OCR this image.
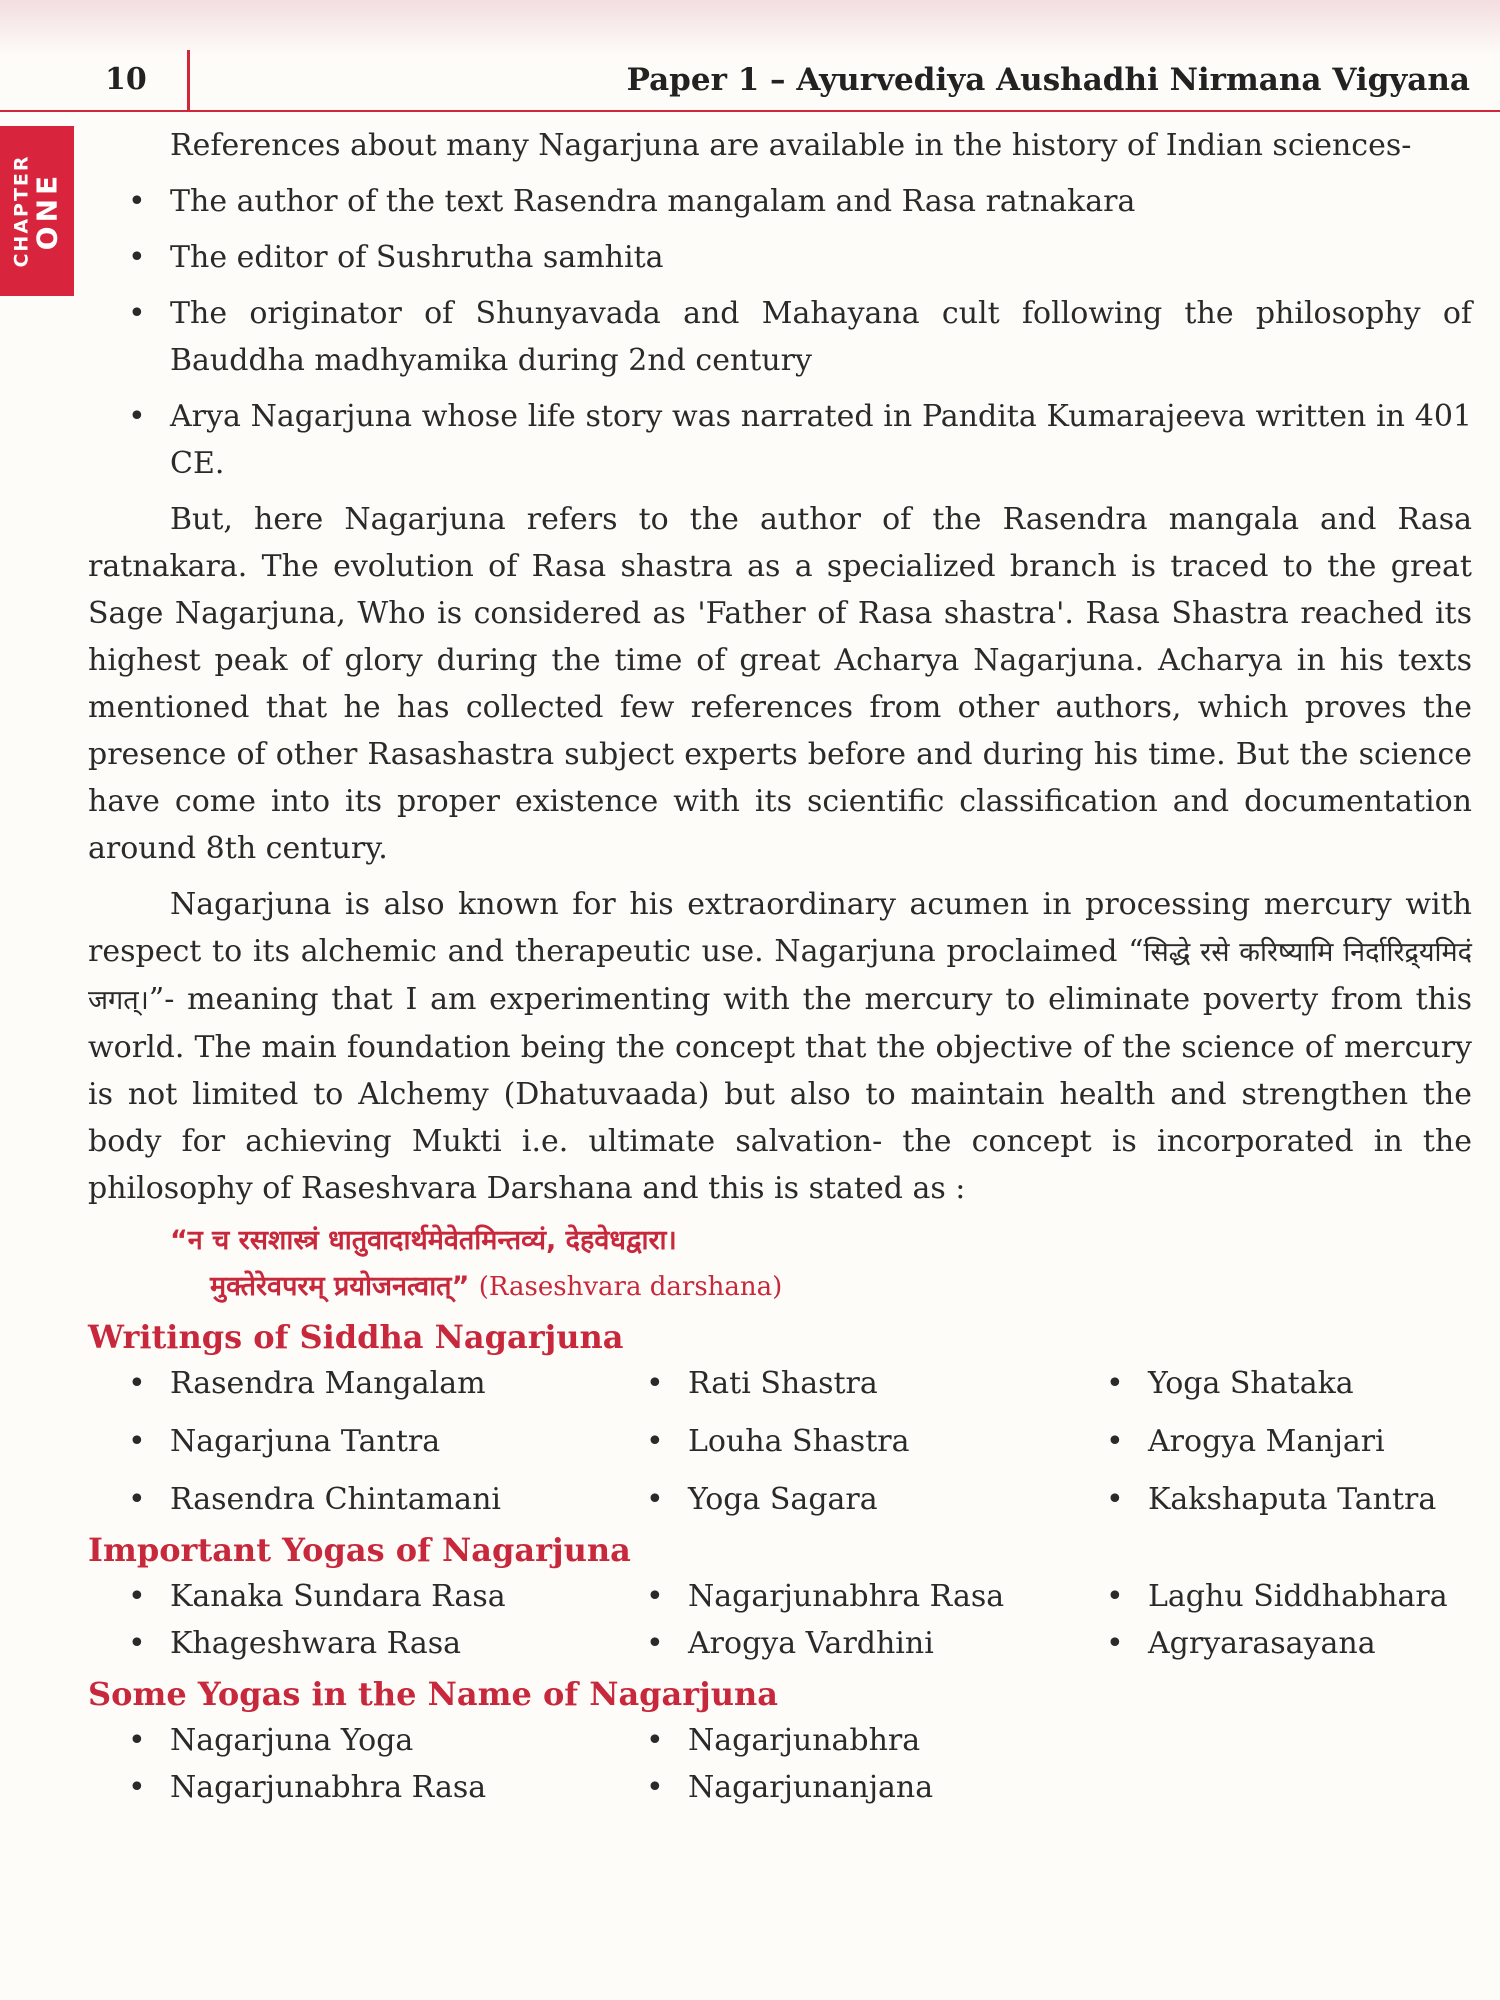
10	Paper 1 – Ayurvediya Aushadhi Nirmana Vigyana
CHAPTER
ONE

References about many Nagarjuna are available in the history of Indian sciences-

• The author of the text Rasendra mangalam and Rasa ratnakara
• The editor of Sushrutha samhita
• The originator of Shunyavada and Mahayana cult following the philosophy of Bauddha madhyamika during 2nd century
• Arya Nagarjuna whose life story was narrated in Pandita Kumarajeeva written in 401 CE.

But, here Nagarjuna refers to the author of the Rasendra mangala and Rasa ratnakara. The evolution of Rasa shastra as a specialized branch is traced to the great Sage Nagarjuna, Who is considered as 'Father of Rasa shastra'. Rasa Shastra reached its highest peak of glory during the time of great Acharya Nagarjuna. Acharya in his texts mentioned that he has collected few references from other authors, which proves the presence of other Rasashastra subject experts before and during his time. But the science have come into its proper existence with its scientific classification and documentation around 8th century.

Nagarjuna is also known for his extraordinary acumen in processing mercury with respect to its alchemic and therapeutic use. Nagarjuna proclaimed “सिद्धे रसे करिष्यामि निर्दारिद्र्यमिदं जगत्।”- meaning that I am experimenting with the mercury to eliminate poverty from this world. The main foundation being the concept that the objective of the science of mercury is not limited to Alchemy (Dhatuvaada) but also to maintain health and strengthen the body for achieving Mukti i.e. ultimate salvation- the concept is incorporated in the philosophy of Raseshvara Darshana and this is stated as :

“न च रसशास्त्रं धातुवादार्थमेवेतमिन्तव्यं, देहवेधद्वारा।
मुक्तेरेवपरम् प्रयोजनत्वात्” (Raseshvara darshana)
Writings of Siddha Nagarjuna
• Rasendra Mangalam	• Rati Shastra	• Yoga Shataka
• Nagarjuna Tantra	• Louha Shastra	• Arogya Manjari
• Rasendra Chintamani	• Yoga Sagara	• Kakshaputa Tantra
Important Yogas of Nagarjuna
• Kanaka Sundara Rasa	• Nagarjunabhra Rasa	• Laghu Siddhabhara
• Khageshwara Rasa	• Arogya Vardhini	• Agryarasayana
Some Yogas in the Name of Nagarjuna
• Nagarjuna Yoga	• Nagarjunabhra
• Nagarjunabhra Rasa	• Nagarjunanjana
